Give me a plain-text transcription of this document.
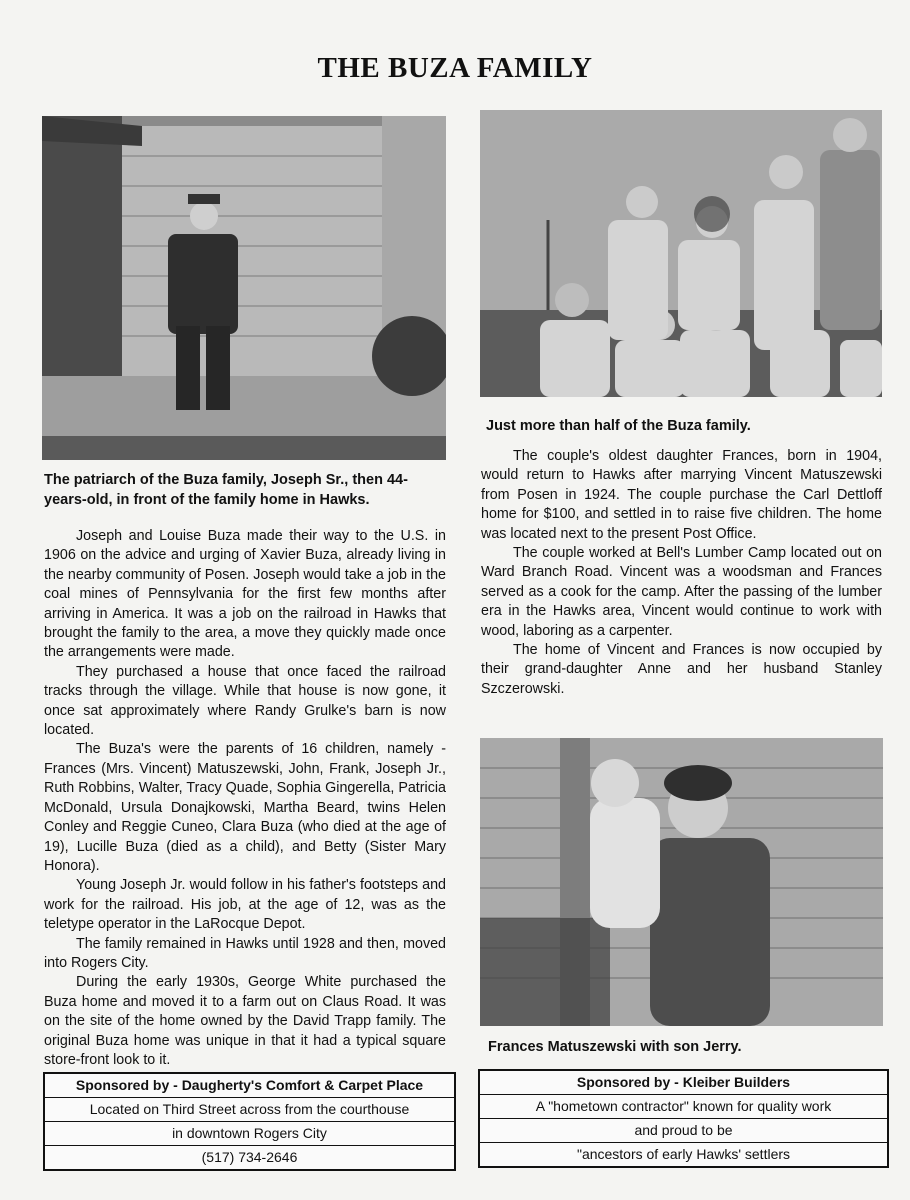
THE BUZA FAMILY
The patriarch of the Buza family, Joseph Sr., then 44-years-old, in front of the family home in Hawks.
Just more than half of the Buza family.

Joseph and Louise Buza made their way to the U.S. in 1906 on the advice and urging of Xavier Buza, already living in the nearby community of Posen. Joseph would take a job in the coal mines of Pennsylvania for the first few months after arriving in America. It was a job on the railroad in Hawks that brought the family to the area, a move they quickly made once the arrangements were made.

They purchased a house that once faced the railroad tracks through the village. While that house is now gone, it once sat approximately where Randy Grulke's barn is now located.

The Buza's were the parents of 16 children, namely - Frances (Mrs. Vincent) Matuszewski, John, Frank, Joseph Jr., Ruth Robbins, Walter, Tracy Quade, Sophia Gingerella, Patricia McDonald, Ursula Donajkowski, Martha Beard, twins Helen Conley and Reggie Cuneo, Clara Buza (who died at the age of 19), Lucille Buza (died as a child), and Betty (Sister Mary Honora).

Young Joseph Jr. would follow in his father's footsteps and work for the railroad. His job, at the age of 12, was as the teletype operator in the LaRocque Depot.

The family remained in Hawks until 1928 and then, moved into Rogers City.

During the early 1930s, George White purchased the Buza home and moved it to a farm out on Claus Road. It was on the site of the home owned by the David Trapp family. The original Buza home was unique in that it had a typical square store-front look to it.

The couple's oldest daughter Frances, born in 1904, would return to Hawks after marrying Vincent Matuszewski from Posen in 1924. The couple purchase the Carl Dettloff home for $100, and settled in to raise five children. The home was located next to the present Post Office.

The couple worked at Bell's Lumber Camp located out on Ward Branch Road. Vincent was a woodsman and Frances served as a cook for the camp. After the passing of the lumber era in the Hawks area, Vincent would continue to work with wood, laboring as a carpenter.

The home of Vincent and Frances is now occupied by their grand-daughter Anne and her husband Stanley Szczerowski.

Frances Matuszewski with son Jerry.
Sponsored by - Daugherty's Comfort & Carpet Place
Located on Third Street across from the courthouse
in downtown Rogers City
(517) 734-2646
Sponsored by - Kleiber Builders
A "hometown contractor" known for quality work
and proud to be
"ancestors of early Hawks' settlers
